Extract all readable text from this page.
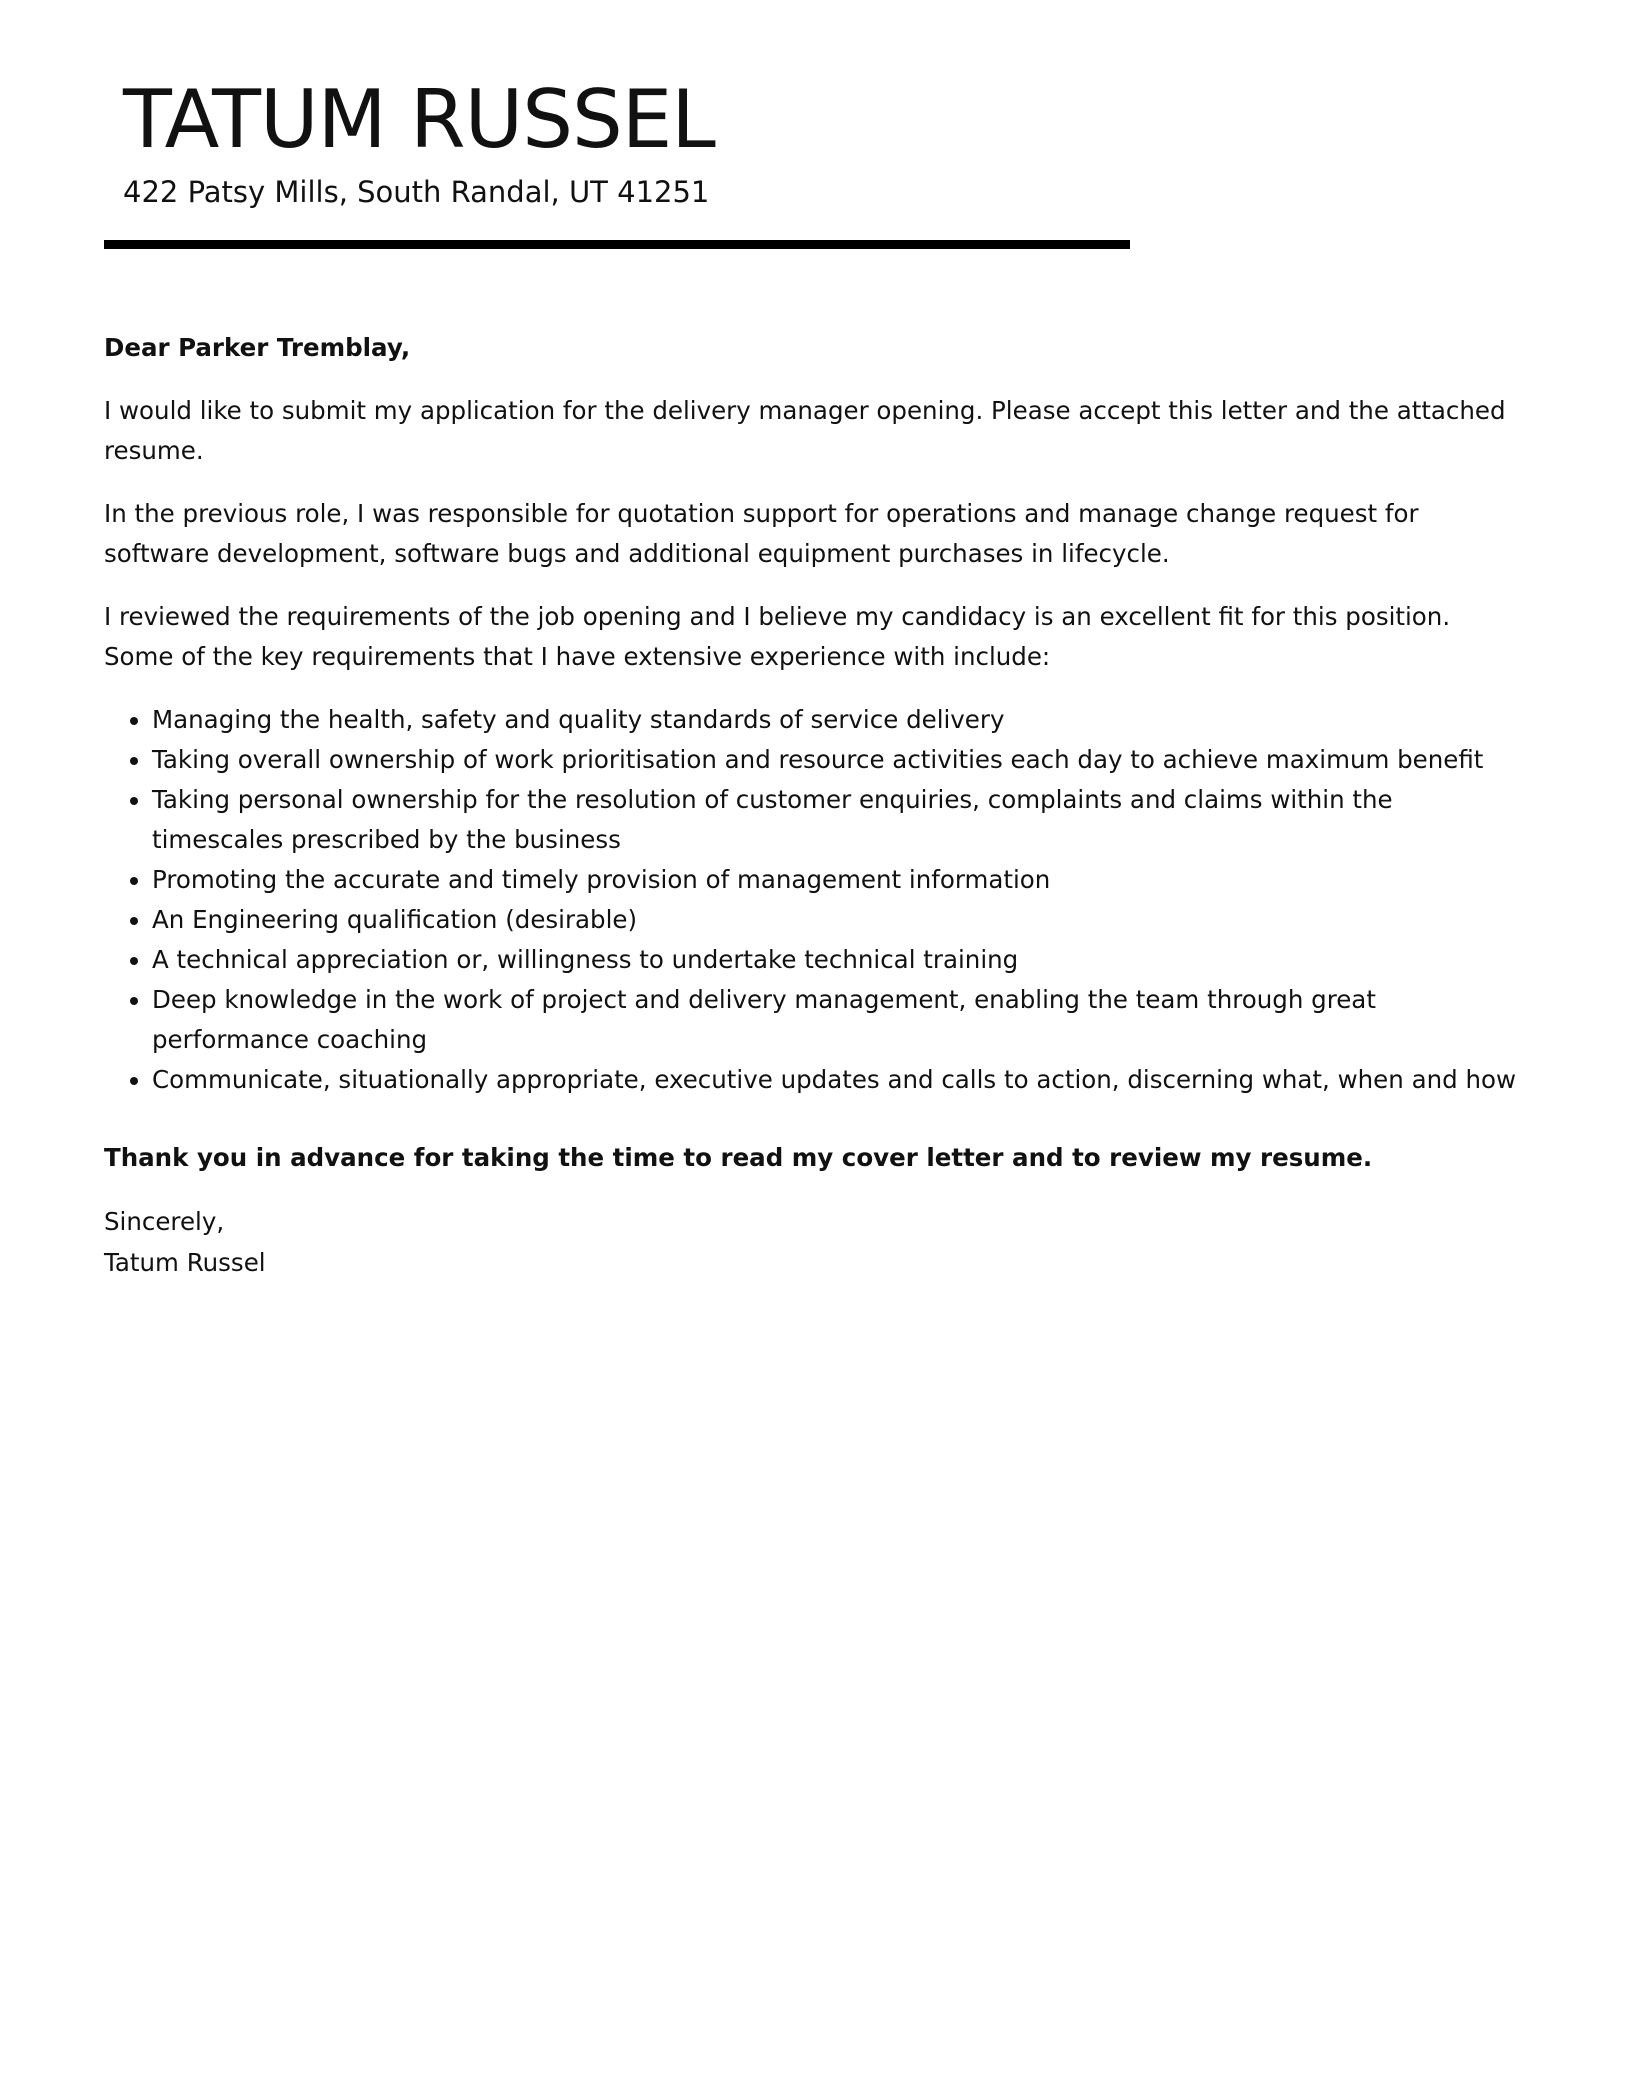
TATUM RUSSEL
422 Patsy Mills, South Randal, UT 41251

Dear Parker Tremblay,

I would like to submit my application for the delivery manager opening. Please accept this letter and the attached resume.

In the previous role, I was responsible for quotation support for operations and manage change request for software development, software bugs and additional equipment purchases in lifecycle.

I reviewed the requirements of the job opening and I believe my candidacy is an excellent fit for this position. Some of the key requirements that I have extensive experience with include:

• Managing the health, safety and quality standards of service delivery
• Taking overall ownership of work prioritisation and resource activities each day to achieve maximum benefit
• Taking personal ownership for the resolution of customer enquiries, complaints and claims within the timescales prescribed by the business
• Promoting the accurate and timely provision of management information
• An Engineering qualification (desirable)
• A technical appreciation or, willingness to undertake technical training
• Deep knowledge in the work of project and delivery management, enabling the team through great performance coaching
• Communicate, situationally appropriate, executive updates and calls to action, discerning what, when and how

Thank you in advance for taking the time to read my cover letter and to review my resume.

Sincerely,
Tatum Russel
